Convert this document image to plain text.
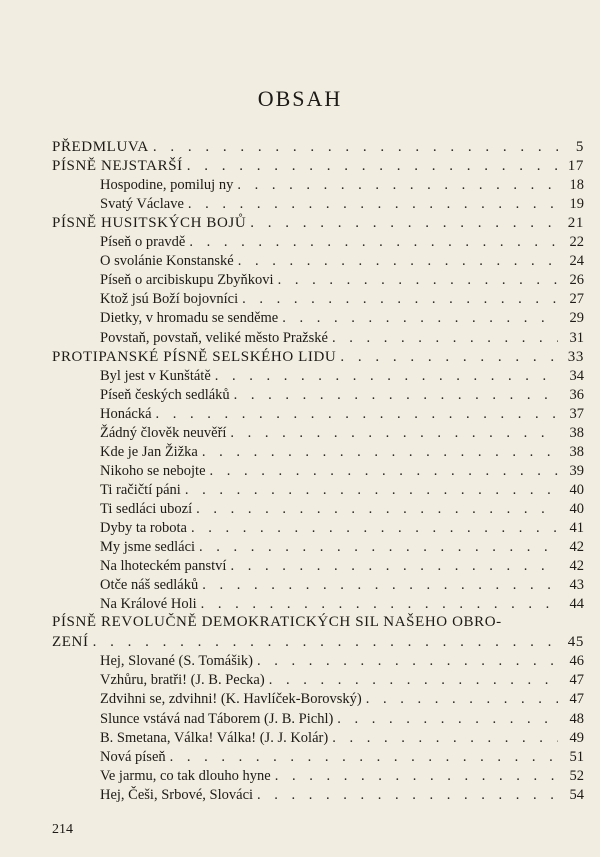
OBSAH
PŘEDMLUVA . . .	5
PÍSNĚ NEJSTARŠÍ . . .	17
Hospodine, pomiluj ny . . .	18
Svatý Václave . . .	19
PÍSNĚ HUSITSKÝCH BOJŮ . . .	21
Píseň o pravdě . . .	22
O svolánie Konstanské . . .	24
Píseň o arcibiskupu Zbyňkovi . . .	26
Ktož jsú Boží bojovníci . . .	27
Dietky, v hromadu se senděme . . .	29
Povstaň, povstaň, veliké město Pražské . . .	31
PROTIPANSKÉ PÍSNĚ SELSKÉHO LIDU . . .	33
Byl jest v Kunštátě . . .	34
Píseň českých sedláků . . .	36
Honácká . . .	37
Žádný člověk neuvěří . . .	38
Kde je Jan Žižka . . .	38
Nikoho se nebojte . . .	39
Ti račičtí páni . . .	40
Ti sedláci ubozí . . .	40
Dyby ta robota . . .	41
My jsme sedláci . . .	42
Na lhoteckém panství . . .	42
Otče náš sedláků . . .	43
Na Králové Holi . . .	44
PÍSNĚ REVOLUČNĚ DEMOKRATICKÝCH SIL NAŠEHO OBRO-
ZENÍ . . .	45
Hej, Slované (S. Tomášik) . . .	46
Vzhůru, bratři! (J. B. Pecka) . . .	47
Zdvihni se, zdvihni! (K. Havlíček-Borovský) . . .	47
Slunce vstává nad Táborem (J. B. Pichl) . . .	48
B. Smetana, Válka! Válka! (J. J. Kolár) . . .	49
Nová píseň . . .	51
Ve jarmu, co tak dlouho hyne . . .	52
Hej, Češi, Srbové, Slováci . . .	54
214
